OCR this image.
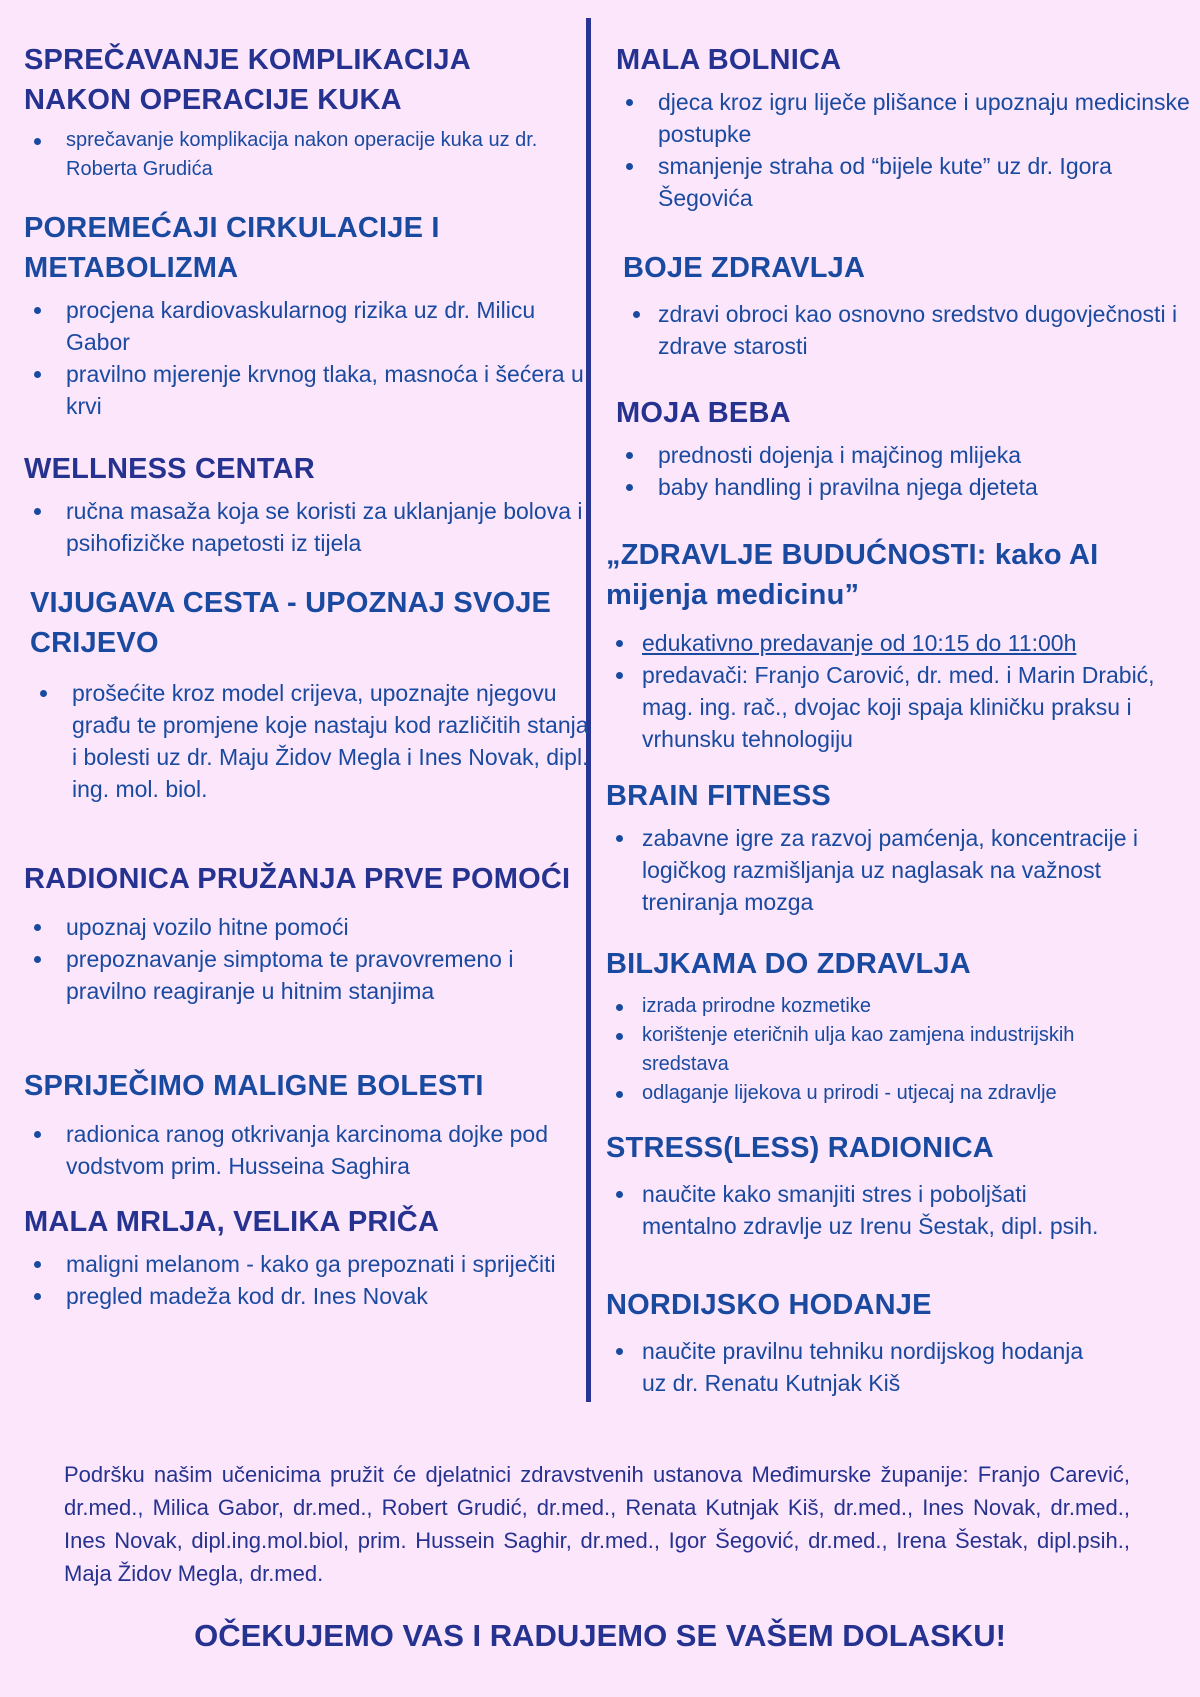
SPREČAVANJE KOMPLIKACIJA NAKON OPERACIJE KUKA
sprečavanje komplikacija nakon operacije kuka uz dr. Roberta Grudića
POREMEĆAJI CIRKULACIJE I METABOLIZMA
procjena kardiovaskularnog rizika uz dr. Milicu Gabor
pravilno mjerenje krvnog tlaka, masnoća i šećera u krvi
WELLNESS CENTAR
ručna masaža koja se koristi za uklanjanje bolova i psihofizičke napetosti iz tijela
VIJUGAVA CESTA - UPOZNAJ SVOJE CRIJEVO
prošećite kroz model crijeva, upoznajte njegovu građu te promjene koje nastaju kod različitih stanja i bolesti uz dr. Maju Židov Megla i Ines Novak, dipl. ing. mol. biol.
RADIONICA PRUŽANJA PRVE POMOĆI
upoznaj vozilo hitne pomoći
prepoznavanje simptoma te pravovremeno i pravilno reagiranje u hitnim stanjima
SPRIJEČIMO MALIGNE BOLESTI
radionica ranog otkrivanja karcinoma dojke pod vodstvom prim. Husseina Saghira
MALA MRLJA, VELIKA PRIČA
maligni melanom - kako ga prepoznati i spriječiti
pregled madeža kod dr. Ines Novak
MALA BOLNICA
djeca kroz igru liječe plišance i upoznaju medicinske postupke
smanjenje straha od “bijele kute” uz dr. Igora Šegovića
BOJE ZDRAVLJA
zdravi obroci kao osnovno sredstvo dugovječnosti i zdrave starosti
MOJA BEBA
prednosti dojenja i majčinog mlijeka
baby handling i pravilna njega djeteta
„ZDRAVLJE BUDUĆNOSTI: kako AI mijenja medicinu”
edukativno predavanje od 10:15 do 11:00h
predavači: Franjo Carović, dr. med. i Marin Drabić, mag. ing. rač., dvojac koji spaja kliničku praksu i vrhunsku tehnologiju
BRAIN FITNESS
zabavne igre za razvoj pamćenja, koncentracije i logičkog razmišljanja uz naglasak na važnost treniranja mozga
BILJKAMA DO ZDRAVLJA
izrada prirodne kozmetike
korištenje eteričnih ulja kao zamjena industrijskih sredstava
odlaganje lijekova u prirodi - utjecaj na zdravlje
STRESS(LESS) RADIONICA
naučite kako smanjiti stres i poboljšati mentalno zdravlje uz Irenu Šestak, dipl. psih.
NORDIJSKO HODANJE
naučite pravilnu tehniku nordijskog hodanja uz dr. Renatu Kutnjak Kiš
Podršku našim učenicima pružit će djelatnici zdravstvenih ustanova Međimurske županije: Franjo Carević, dr.med., Milica Gabor, dr.med., Robert Grudić, dr.med., Renata Kutnjak Kiš, dr.med., Ines Novak, dr.med., Ines Novak, dipl.ing.mol.biol, prim. Hussein Saghir, dr.med., Igor Šegović, dr.med., Irena Šestak, dipl.psih., Maja Židov Megla, dr.med.
OČEKUJEMO VAS I RADUJEMO SE VAŠEM DOLASKU!
